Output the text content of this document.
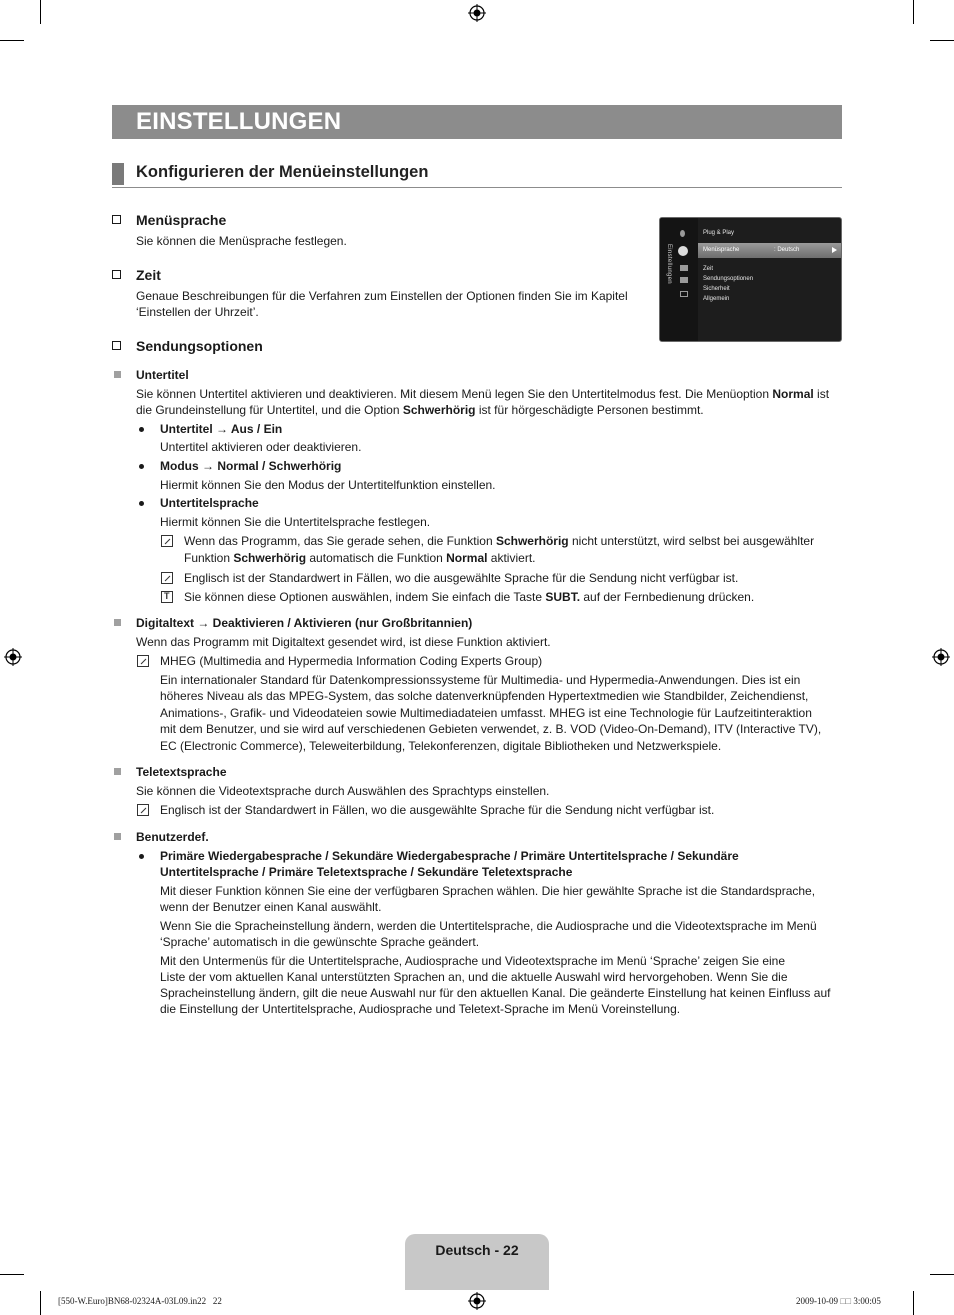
EINSTELLUNGEN
Konfigurieren der Menüeinstellungen
Menüsprache
Sie können die Menüsprache festlegen.
Zeit
Genaue Beschreibungen für die Verfahren zum Einstellen der Optionen finden Sie im Kapitel
‘Einstellen der Uhrzeit’.
Sendungsoptionen
Einstellungen
Plug & Play
Menüsprache	: Deutsch
Zeit
Sendungsoptionen
Sicherheit
Allgemein
Untertitel
Sie können Untertitel aktivieren und deaktivieren. Mit diesem Menü legen Sie den Untertitelmodus fest. Die Menüoption Normal ist
die Grundeinstellung für Untertitel, und die Option Schwerhörig ist für hörgeschädigte Personen bestimmt.
Untertitel → Aus / Ein
Untertitel aktivieren oder deaktivieren.
Modus → Normal / Schwerhörig
Hiermit können Sie den Modus der Untertitelfunktion einstellen.
Untertitelsprache
Hiermit können Sie die Untertitelsprache festlegen.
Wenn das Programm, das Sie gerade sehen, die Funktion Schwerhörig nicht unterstützt, wird selbst bei ausgewählter
Funktion Schwerhörig automatisch die Funktion Normal aktiviert.
Englisch ist der Standardwert in Fällen, wo die ausgewählte Sprache für die Sendung nicht verfügbar ist.
T Sie können diese Optionen auswählen, indem Sie einfach die Taste SUBT. auf der Fernbedienung drücken.
Digitaltext → Deaktivieren / Aktivieren (nur Großbritannien)
Wenn das Programm mit Digitaltext gesendet wird, ist diese Funktion aktiviert.
MHEG (Multimedia and Hypermedia Information Coding Experts Group)
Ein internationaler Standard für Datenkompressionssysteme für Multimedia- und Hypermedia-Anwendungen. Dies ist ein
höheres Niveau als das MPEG-System, das solche datenverknüpfenden Hypertextmedien wie Standbilder, Zeichendienst,
Animations-, Grafik- und Videodateien sowie Multimediadateien umfasst. MHEG ist eine Technologie für Laufzeitinteraktion
mit dem Benutzer, und sie wird auf verschiedenen Gebieten verwendet, z. B. VOD (Video-On-Demand), ITV (Interactive TV),
EC (Electronic Commerce), Teleweiterbildung, Telekonferenzen, digitale Bibliotheken und Netzwerkspiele.
Teletextsprache
Sie können die Videotextsprache durch Auswählen des Sprachtyps einstellen.
Englisch ist der Standardwert in Fällen, wo die ausgewählte Sprache für die Sendung nicht verfügbar ist.
Benutzerdef.
Primäre Wiedergabesprache / Sekundäre Wiedergabesprache / Primäre Untertitelsprache / Sekundäre
Untertitelsprache / Primäre Teletextsprache / Sekundäre Teletextsprache
Mit dieser Funktion können Sie eine der verfügbaren Sprachen wählen. Die hier gewählte Sprache ist die Standardsprache,
wenn der Benutzer einen Kanal auswählt.
Wenn Sie die Spracheinstellung ändern, werden die Untertitelsprache, die Audiosprache und die Videotextsprache im Menü
‘Sprache’ automatisch in die gewünschte Sprache geändert.
Mit den Untermenüs für die Untertitelsprache, Audiosprache und Videotextsprache im Menü ‘Sprache’ zeigen Sie eine
Liste der vom aktuellen Kanal unterstützten Sprachen an, und die aktuelle Auswahl wird hervorgehoben. Wenn Sie die
Spracheinstellung ändern, gilt die neue Auswahl nur für den aktuellen Kanal. Die geänderte Einstellung hat keinen Einfluss auf
die Einstellung der Untertitelsprache, Audiosprache und Teletext-Sprache im Menü Voreinstellung.
Deutsch - 22
[550-W.Euro]BN68-02324A-03L09.in22   22	2009-10-09 □□ 3:00:05
